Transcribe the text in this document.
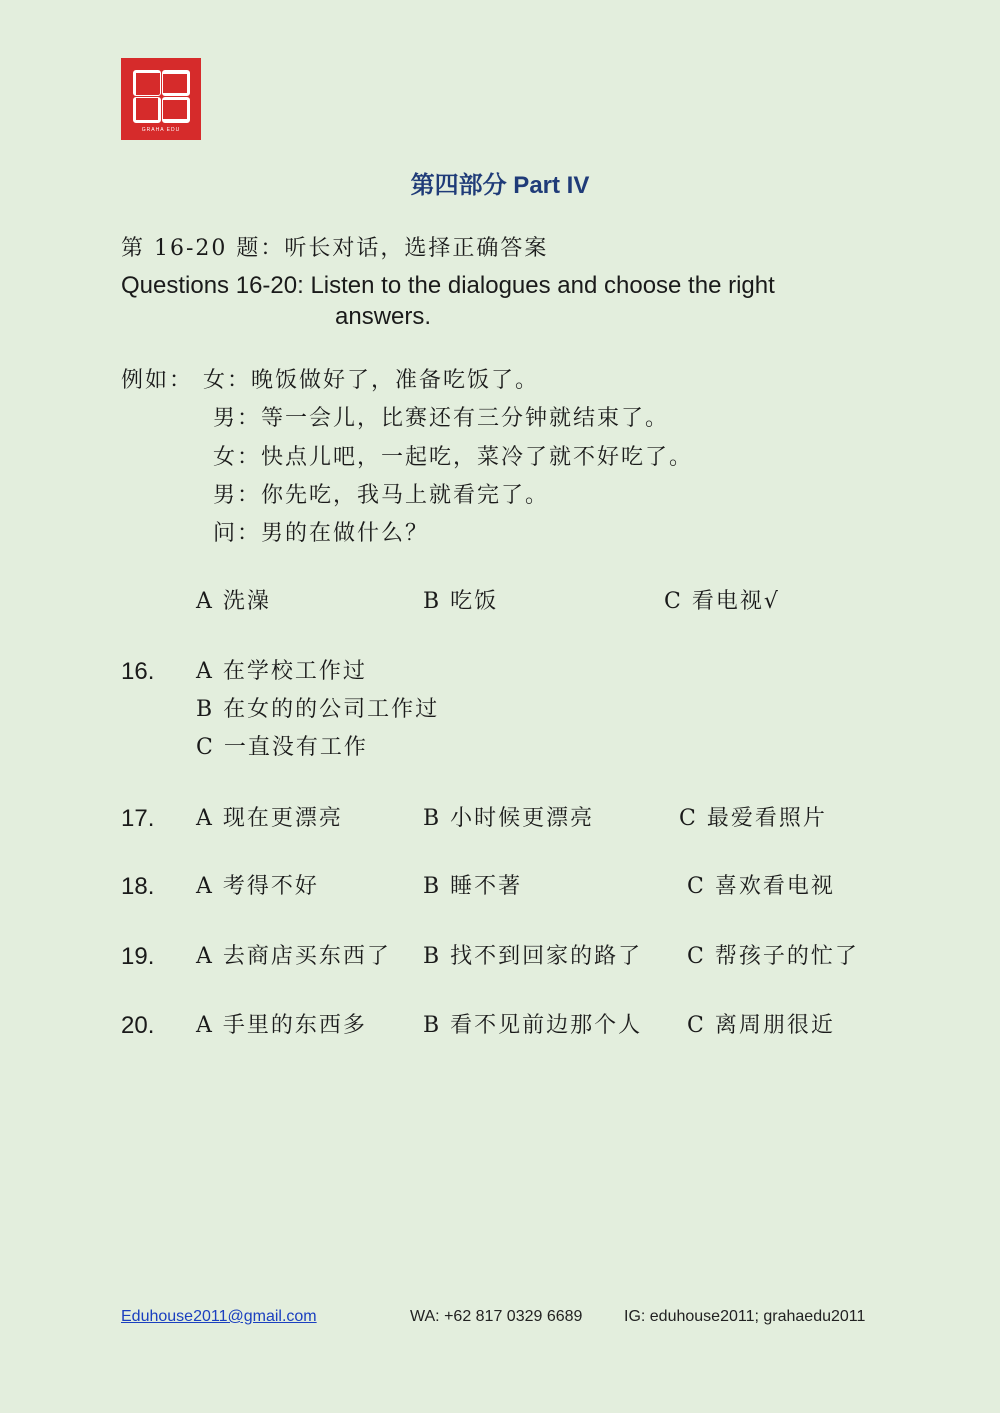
GRAHA EDU
第四部分 Part IV
第 16-20 题：听长对话，选择正确答案
Questions 16-20: Listen to the dialogues and choose the right
answers.
例如： 女：晚饭做好了，准备吃饭了。
男：等一会儿，比赛还有三分钟就结束了。
女：快点儿吧，一起吃，菜冷了就不好吃了。
男：你先吃，我马上就看完了。
问：男的在做什么？
A 洗澡	B 吃饭	C 看电视√
16. A 在学校工作过
B 在女的的公司工作过
C 一直没有工作
17. A 现在更漂亮	B 小时候更漂亮	C 最爱看照片
18. A 考得不好	B 睡不著	C 喜欢看电视
19. A 去商店买东西了 B 找不到回家的路了 C 帮孩子的忙了
20. A 手里的东西多	B 看不见前边那个人 C 离周朋很近
Eduhouse2011@gmail.com	WA: +62 817 0329 6689	IG: eduhouse2011; grahaedu2011
